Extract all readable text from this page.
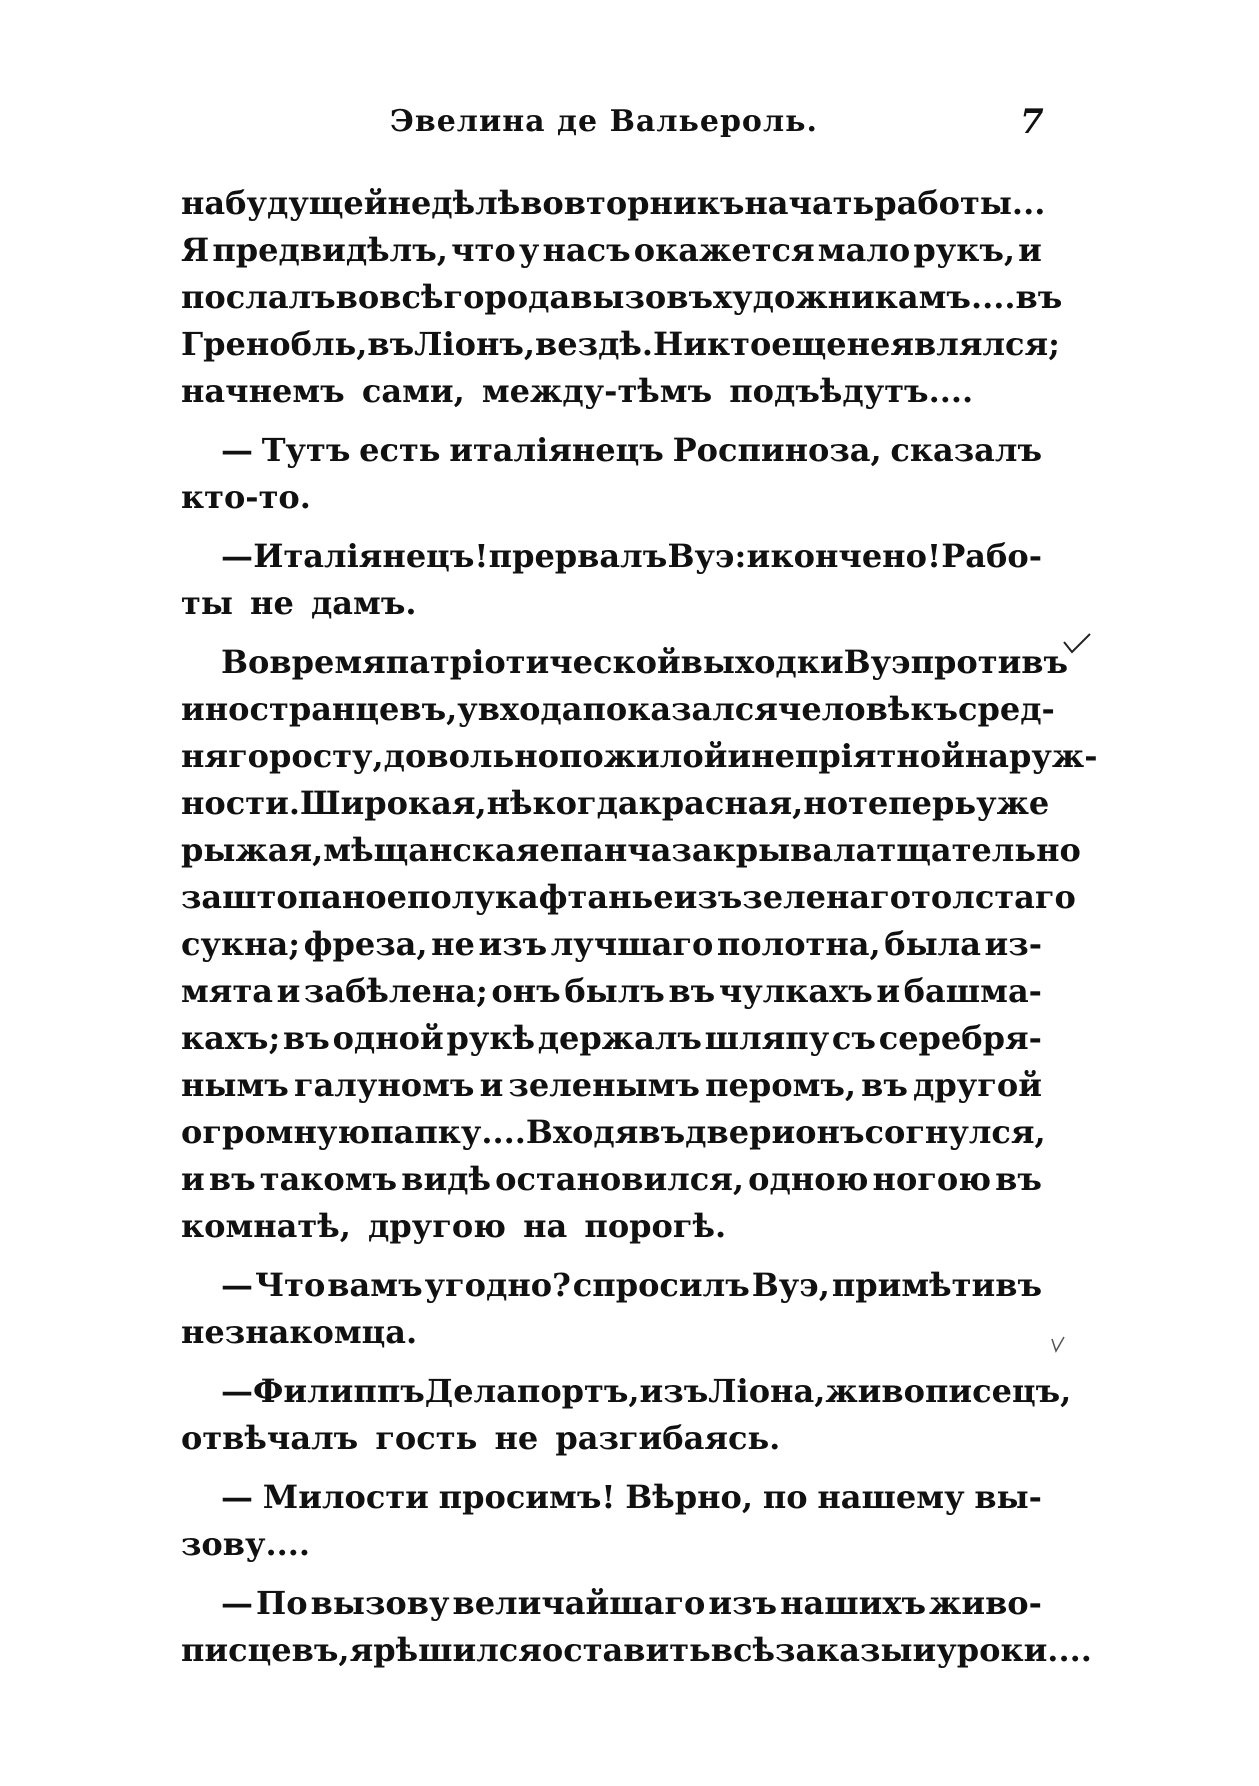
Эвелина де Вальероль.	7
на будущей недѣлѣ во вторникъ начать работы...
Я предвидѣлъ, что у насъ окажется мало рукъ, и
послалъ во всѣ города вызовъ художникамъ.... въ
Гренобль, въ Ліонъ, вездѣ. Никто еще не являлся;
начнемъ сами, между-тѣмъ подъѣдутъ....
— Тутъ есть италіянецъ Роспиноза, сказалъ
кто-то.
— Италіянецъ! прервалъ Вуэ: и кончено! Рабо-
ты не дамъ.
Во время патріотической выходки Вуэ противъ
иностранцевъ, у входа показался человѣкъ сред-
няго росту, довольно пожилой и непріятной наруж-
ности. Широкая, нѣкогда красная, но теперь уже
рыжая, мѣщанская епанча закрывала тщательно
заштопаное полукафтанье изъ зеленаго толстаго
сукна; фреза, не изъ лучшаго полотна, была из-
мята и забѣлена; онъ былъ въ чулкахъ и башма-
кахъ; въ одной рукѣ держалъ шляпу съ серебря-
нымъ галуномъ и зеленымъ перомъ, въ другой
огромную папку.... Входя въ двери онъ согнулся,
и въ такомъ видѣ остановился, одною ногою въ
комнатѣ, другою на порогѣ.
— Что вамъ угодно? спросилъ Вуэ, примѣтивъ
незнакомца.
— Филиппъ Делапортъ, изъ Ліона, живописецъ,
отвѣчалъ гость не разгибаясь.
— Милости просимъ! Вѣрно, по нашему вы-
зову....
— По вызову величайшаго изъ нашихъ живо-
писцевъ, я рѣшился оставить всѣ заказы и уроки....
